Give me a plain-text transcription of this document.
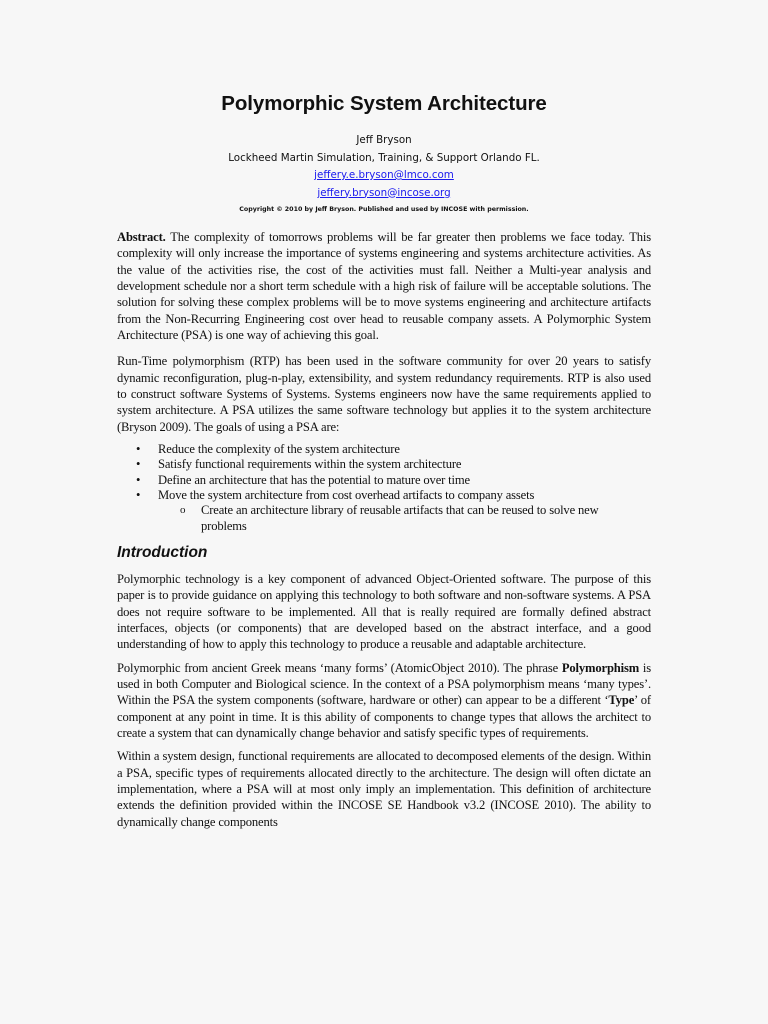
Polymorphic System Architecture
Jeff Bryson
Lockheed Martin Simulation, Training, & Support Orlando FL.
jeffery.e.bryson@lmco.com
jeffery.bryson@incose.org
Copyright © 2010 by Jeff Bryson. Published and used by INCOSE with permission.

Abstract. The complexity of tomorrows problems will be far greater then problems we face today. This complexity will only increase the importance of systems engineering and systems architecture activities. As the value of the activities rise, the cost of the activities must fall. Neither a Multi-year analysis and development schedule nor a short term schedule with a high risk of failure will be acceptable solutions. The solution for solving these complex problems will be to move systems engineering and architecture artifacts from the Non-Recurring Engineering cost over head to reusable company assets. A Polymorphic System Architecture (PSA) is one way of achieving this goal.

Run-Time polymorphism (RTP) has been used in the software community for over 20 years to satisfy dynamic reconfiguration, plug-n-play, extensibility, and system redundancy requirements. RTP is also used to construct software Systems of Systems. Systems engineers now have the same requirements applied to system architecture. A PSA utilizes the same software technology but applies it to the system architecture (Bryson 2009). The goals of using a PSA are:

• Reduce the complexity of the system architecture
• Satisfy functional requirements within the system architecture
• Define an architecture that has the potential to mature over time
• Move the system architecture from cost overhead artifacts to company assets
o Create an architecture library of reusable artifacts that can be reused to solve new problems
Introduction

Polymorphic technology is a key component of advanced Object-Oriented software. The purpose of this paper is to provide guidance on applying this technology to both software and non-software systems. A PSA does not require software to be implemented. All that is really required are formally defined abstract interfaces, objects (or components) that are developed based on the abstract interface, and a good understanding of how to apply this technology to produce a reusable and adaptable architecture.

Polymorphic from ancient Greek means ‘many forms’ (AtomicObject 2010). The phrase Polymorphism is used in both Computer and Biological science. In the context of a PSA polymorphism means ‘many types’. Within the PSA the system components (software, hardware or other) can appear to be a different ‘Type’ of component at any point in time. It is this ability of components to change types that allows the architect to create a system that can dynamically change behavior and satisfy specific types of requirements.

Within a system design, functional requirements are allocated to decomposed elements of the design. Within a PSA, specific types of requirements allocated directly to the architecture. The design will often dictate an implementation, where a PSA will at most only imply an implementation. This definition of architecture extends the definition provided within the INCOSE SE Handbook v3.2 (INCOSE 2010). The ability to dynamically change components
